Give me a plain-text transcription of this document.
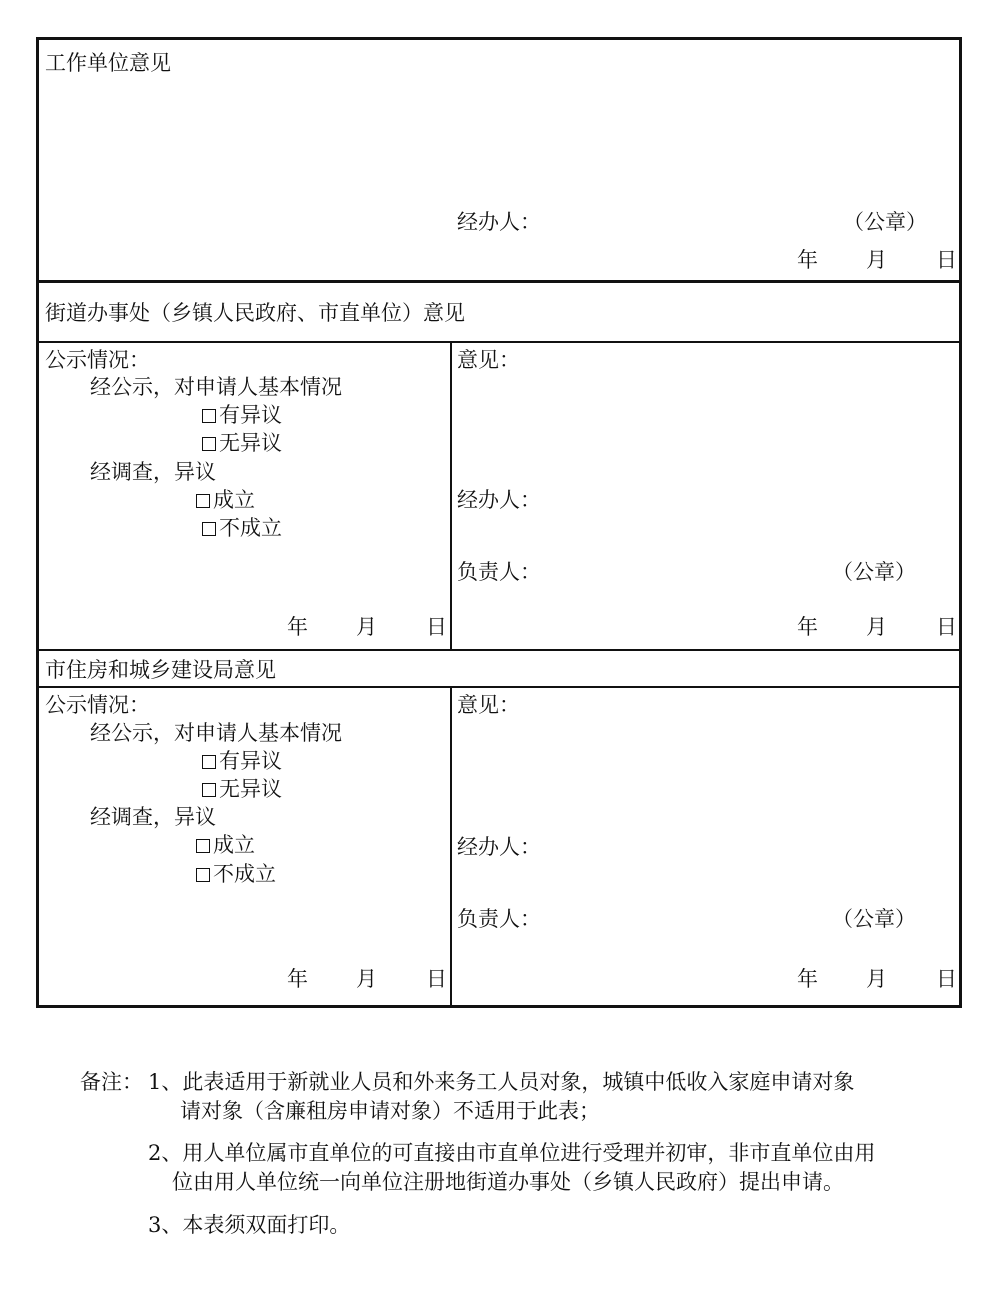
工作单位意见
经办人：	（公章）
年 月 日
街道办事处（乡镇人民政府、市直单位）意见
公示情况：
经公示，对申请人基本情况
有异议
无异议
经调查，异议
成立
不成立
年 月 日
意见：
经办人：
负责人：	（公章）
年 月 日
市住房和城乡建设局意见
公示情况：
经公示，对申请人基本情况
有异议
无异议
经调查，异议
成立
不成立
年 月 日
意见：
经办人：
负责人：	（公章）
年 月 日
备注： 1、此表适用于新就业人员和外来务工人员对象，城镇中低收入家庭申请对象
请对象（含廉租房申请对象）不适用于此表；
2、用人单位属市直单位的可直接由市直单位进行受理并初审，非市直单位由用
位由用人单位统一向单位注册地街道办事处（乡镇人民政府）提出申请。
3、本表须双面打印。
